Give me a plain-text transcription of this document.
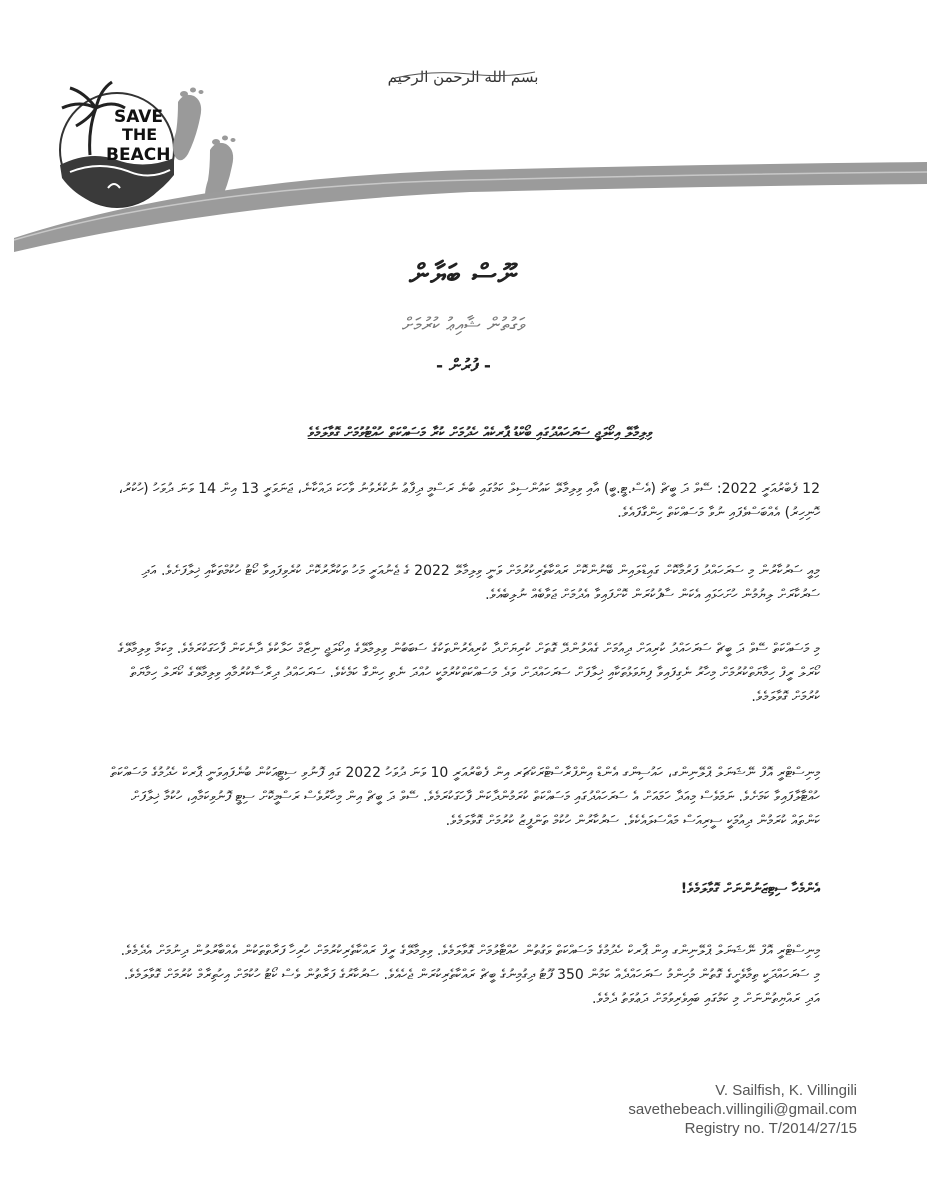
بسم الله الرحمن الرحيم
SAVE
THE
BEACH
ނޫސް ބަޔާން
ވަގުތުން ޝާއިޢު ކުރުމަށް
- ފުރުން -
ވިލިމާލޭ އިކޯލަޖީ ސަރަހައްދުގައި ބޯކްޑު ޕާރކެއް ހެދުމަށް ކުރާ މަސައްކަތް ހުއްޓުވުމަށް ގޮވާލަމެވެ
12 ފެބްރުއަރީ 2022: ސޭވް ދަ ބީޗް (އެސް.ޓީ.ބީ) އާއި ވިލިމާލޭ ކައުންސިލް ކަމުގައި ބުނެ ރަސްމީ ދިފާޢު ނުކުރެވުނު ވާހަކަ ދައްކާނެ، ޖަނަވަރީ 13 އިން 14 ވަނަ ދުވަހު (ހުކުރު، ހޮނިހިރު) އެއްބަސްވެފައި ނުވާ މަސައްކަތް ހިންގާފައެވެ.
މިއީ ސަރުކާރުން މި ސަރަހައްދު ފަރުމާކޮށް ގައިޑްލައިން ބޭނުންކޮށް ރައްކާތެރިކުރުމަށް ވަނީ ވިލިމާލޭ 2022 ގެ ޖެނުއަރީ މަހު ތަކުރާރުކޮށް ކުރެވިފައިވާ ކޯޓު ހުކުމްތަކާއި ޚިލާފަށެވެ. އަދި ސަރުކާރަށް ލިޔުމުން ހުށަހަޅައި އެކަން ސާފުކުރަން ކޮށްފައިވާ އެދުމަށް ޖަވާބެއް ނުލިބެއެވެ.
މި މަސައްކަތް ސޭވް ދަ ބީޗް ސަރަހައްދު ކުރިއަށް ދިއުމަށް ގެއްލުންދޭ ގޮތަށް ކުރިޔަށްދާ ކުރިއެރުންތަކުގެ ސަބަބުން ވިލިމާލޭގެ އިކޯލަޖީ ނިޒާމް ހަލާކުވެ ދާނެކަން ފާހަގަކުރަމެވެ. މިކަމާ ވިލިމާލޭގެ ކޯރަލް ރީފް ހިމާޔަތްކުރުމަށް މިހާރު ނެގިފައިވާ ފިޔަވަޅުތަކާއި ޚިލާފަށް ސަރަހައްދަށް ވަދެ މަސައްކަތްކުރުމަކީ ހުއްދަ ނެތި ހިންގާ ކަމެކެވެ. ސަރަހައްދު ދިރާސާކުރުމާއި ވިލިމާލޭގެ ކޯރަލް ހިމާޔަތް ކުރުމަށް ގޮވާލަމެވެ.
މިނިސްޓްރީ އޮފް ނޭޝަނަލް ޕްލޭނިންގ، ހައުސިންގ އެންޑް އިންފްރާސްޓްރަކްޗަރ އިން ފެބްރުއަރީ 10 ވަނަ ދުވަހު 2022 ގައި ފޮނުވި ސިޓީއަކުން ބުނެފައިވަނީ ޕާރކް ހެދުމުގެ މަސައްކަތް ހުއްޓާލާފައިވާ ކަމަށެވެ. ނަމަވެސް މިއަދާ ހަމައަށް އެ ސަރަހައްދުގައި މަސައްކަތް ކުރަމުންދާކަން ފާހަގަކުރަމެވެ. ސޭވް ދަ ބީޗް އިން މިހާރުވެސް ރަސްމީކޮށް ސިޓީ ފޮނުވިކަމާއި، ހުކުމާ ޚިލާފަށް ކަންތައް ކުރަމުން ދިއުމަކީ ސީރިއަސް މައްސަލައެކެވެ. ސަރުކާރުން ހުކުމް ތަންފީޒު ކުރުމަށް ގޮވާލަމެވެ.
އެންމެހާ ސިޓިޒަނުންނަށް ގޮވާލަމެވެ!
މިނިސްޓްރީ އޮފް ނޭޝަނަލް ޕްލޭނިންގ އިން ޕާރކް ހެދުމުގެ މަސައްކަތް ވަގުތުން ހުއްޓާލުމަށް ގޮވާލަމެވެ. ވިލިމާލޭގެ ރީފް ރައްކާތެރިކުރުމަށް ހުރިހާ ފަރާތްތަކުން އެއްބާރުލުން ދިނުމަށް އެދެމެވެ. މި ސަރަހައްދަކީ ތިމާވެށީގެ ގޮތުން މުހިންމު ސަރަހައްދެއް ކަމުން 350 ފޫޓު ދިގުމިނުގެ ބީޗް ރައްކާތެރިކުރަން ޖެހެއެވެ. ސަރުކާރުގެ ފަރާތުން ވެސް ކޯޓު ހުކުމަށް އިހުތިރާމް ކުރުމަށް ގޮވާލަމެވެ. އަދި ރައްޔިތުންނަށް މި ކަމުގައި ބައިވެރިވުމަށް ދަޢުވަތު ދެމެވެ.
V. Sailfish, K. Villingili
savethebeach.villingili@gmail.com
Registry no. T/2014/27/15
